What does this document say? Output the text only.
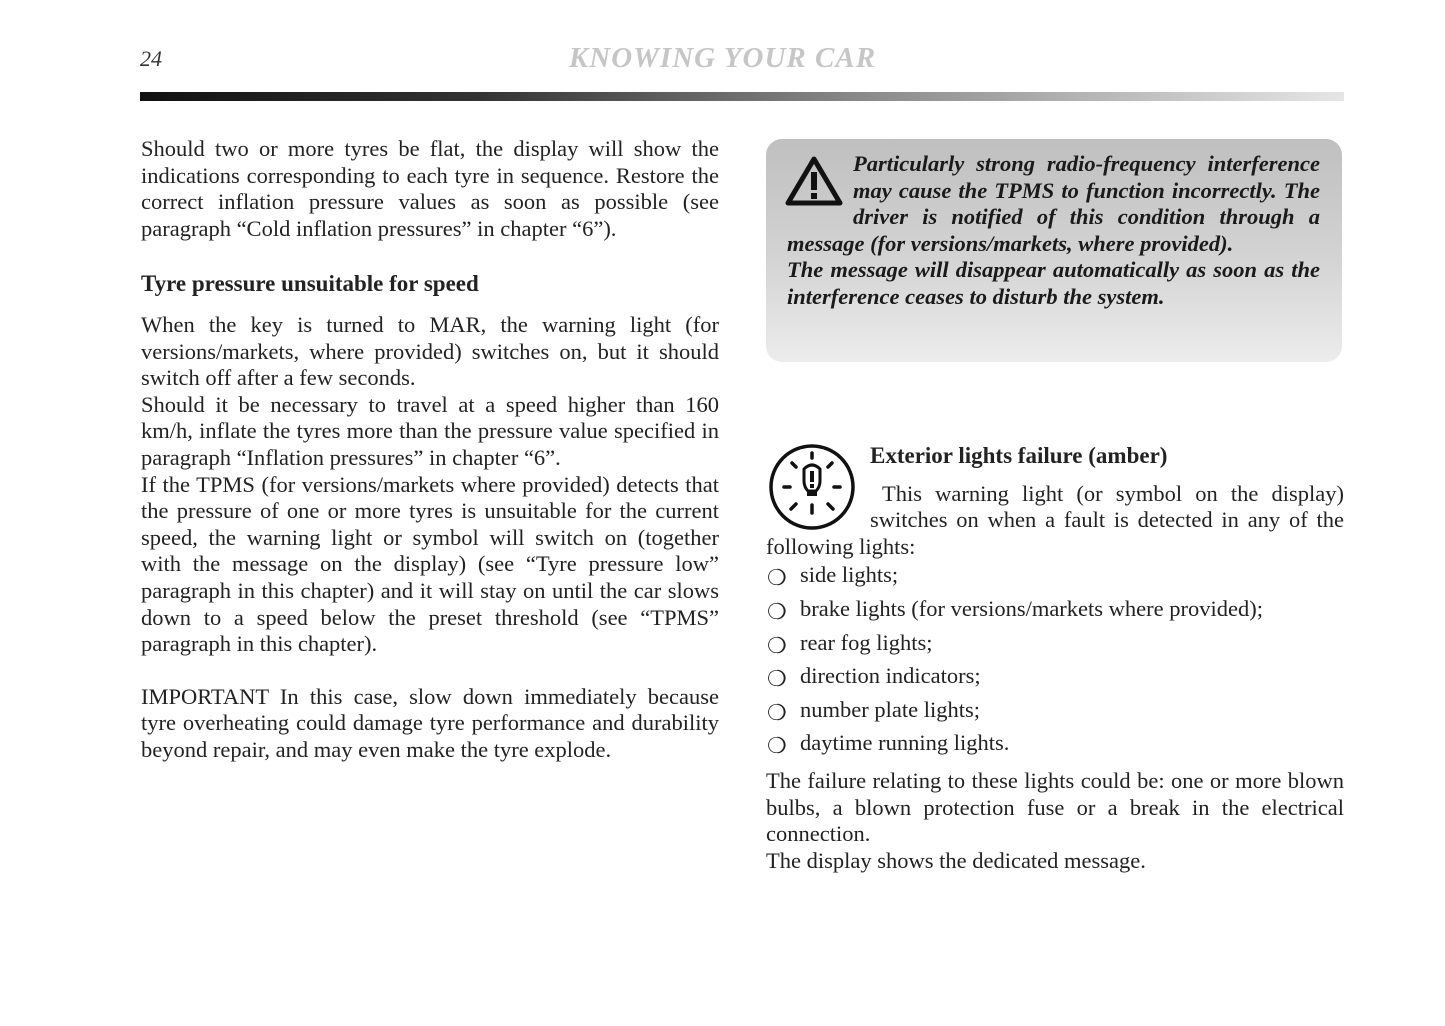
24	KNOWING YOUR CAR

Should two or more tyres be flat, the display will show the indications corresponding to each tyre in sequence. Restore the correct inflation pressure values as soon as possible (see paragraph “Cold inflation pressures” in chapter “6”).

Tyre pressure unsuitable for speed

When the key is turned to MAR, the warning light (for versions/markets, where provided) switches on, but it should switch off after a few seconds.

Should it be necessary to travel at a speed higher than 160 km/h, inflate the tyres more than the pressure value specified in paragraph “Inflation pressures” in chapter “6”.

If the TPMS (for versions/markets where provided) detects that the pressure of one or more tyres is unsuitable for the current speed, the warning light or symbol will switch on (together with the message on the display) (see “Tyre pressure low” paragraph in this chapter) and it will stay on until the car slows down to a speed below the preset threshold (see “TPMS” paragraph in this chapter).

IMPORTANT In this case, slow down immediately because tyre overheating could damage tyre performance and durability beyond repair, and may even make the tyre explode.

Particularly strong radio-frequency interference may cause the TPMS to function incorrectly. The driver is notified of this condition through a message (for versions/markets, where provided).
The message will disappear automatically as soon as the interference ceases to disturb the system.

Exterior lights failure (amber)

This warning light (or symbol on the display) switches on when a fault is detected in any of the following lights:

❍ side lights;
❍ brake lights (for versions/markets where provided);
❍ rear fog lights;
❍ direction indicators;
❍ number plate lights;
❍ daytime running lights.

The failure relating to these lights could be: one or more blown bulbs, a blown protection fuse or a break in the electrical connection.
The display shows the dedicated message.
